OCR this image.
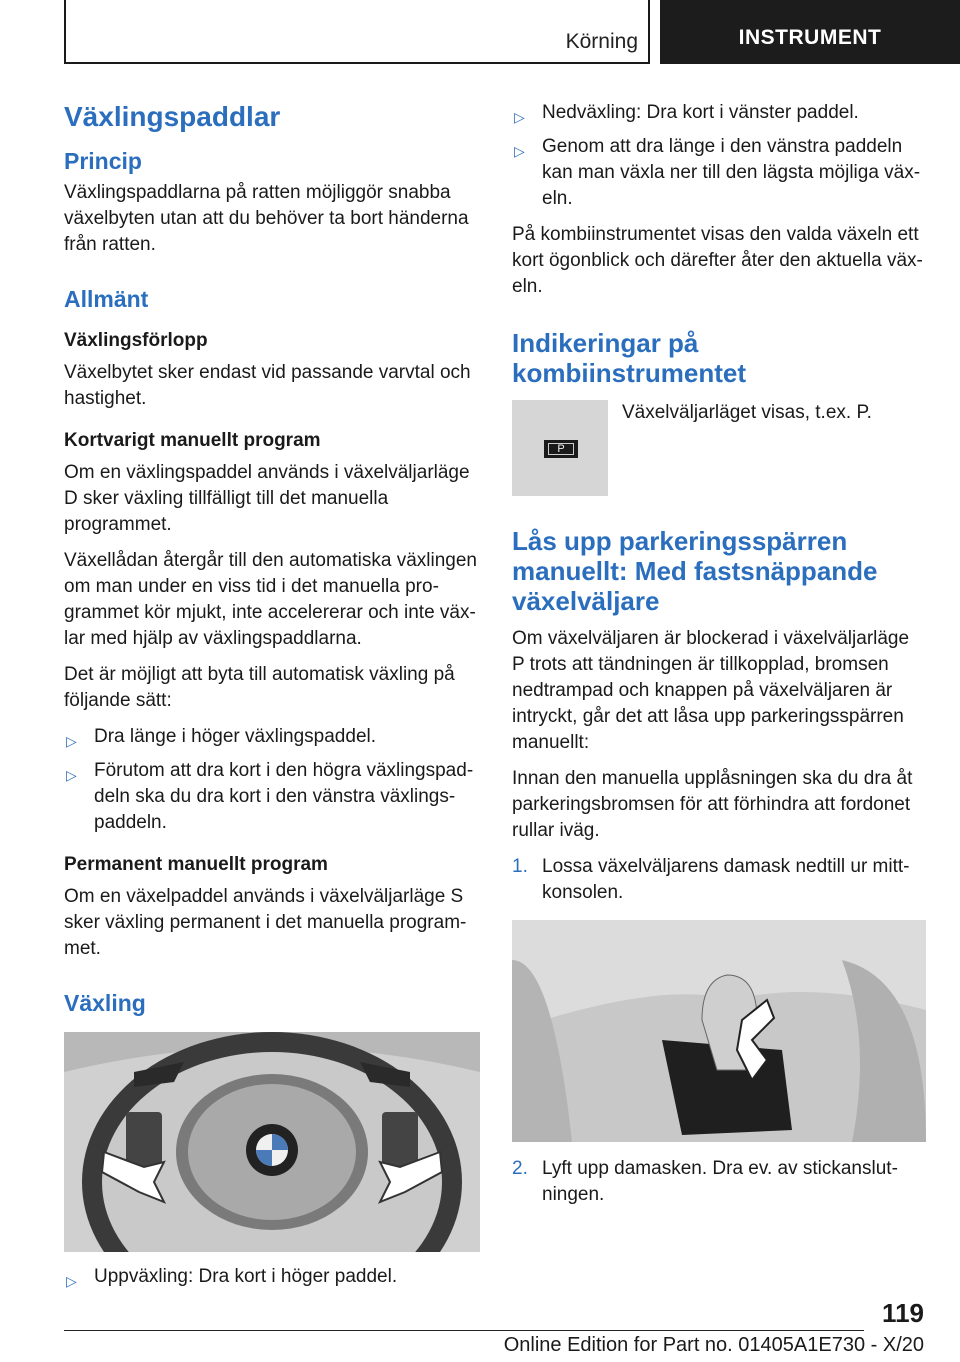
Körning	INSTRUMENT
Växlingspaddlar
Princip

Växlingspaddlarna på ratten möjliggör snabba växelbyten utan att du behöver ta bort händerna från ratten.

Allmänt
Växlingsförlopp

Växelbytet sker endast vid passande varvtal och hastighet.

Kortvarigt manuellt program

Om en växlingspaddel används i växelväljarläge D sker växling tillfälligt till det manuella programmet.

Växellådan återgår till den automatiska växlingen om man under en viss tid i det manuella programmet kör mjukt, inte accelererar och inte växlar med hjälp av växlingspaddlarna.

Det är möjligt att byta till automatisk växling på följande sätt:

▷ Dra länge i höger växlingspaddel.
▷ Förutom att dra kort i den högra växlingspaddeln ska du dra kort i den vänstra växlingspaddeln.
Permanent manuellt program

Om en växelpaddel används i växelväljarläge S sker växling permanent i det manuella programmet.

Växling
▷ Uppväxling: Dra kort i höger paddel.
▷ Nedväxling: Dra kort i vänster paddel.
▷ Genom att dra länge i den vänstra paddeln kan man växla ner till den lägsta möjliga växeln.

På kombiinstrumentet visas den valda växeln ett kort ögonblick och därefter åter den aktuella växeln.

Indikeringar på kombiinstrumentet
P

Växelväljarläget visas, t.ex. P.

Lås upp parkeringsspärren manuellt: Med fastsnäppande växelväljare

Om växelväljaren är blockerad i växelväljarläge P trots att tändningen är tillkopplad, bromsen nedtrampad och knappen på växelväljaren är intryckt, går det att låsa upp parkeringsspärren manuellt:

Innan den manuella upplåsningen ska du dra åt parkeringsbromsen för att förhindra att fordonet rullar iväg.

1. Lossa växelväljarens damask nedtill ur mittkonsolen.
2. Lyft upp damasken. Dra ev. av stickanslutningen.
119
Online Edition for Part no. 01405A1E730 - X/20
